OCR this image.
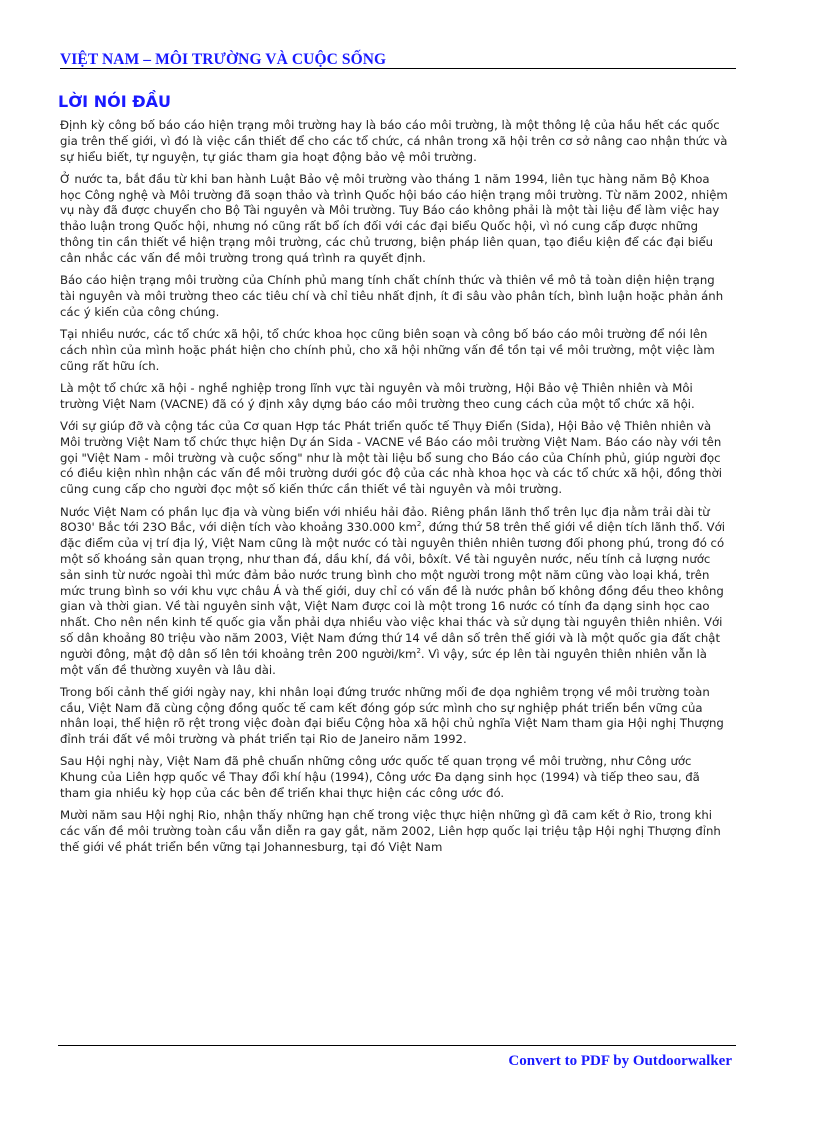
VIỆT NAM – MÔI TRƯỜNG VÀ CUỘC SỐNG
LỜI NÓI ĐẦU

Định kỳ công bố báo cáo hiện trạng môi trường hay là báo cáo môi trường, là một thông lệ của hầu hết các quốc gia trên thế giới, vì đó là việc cần thiết để cho các tổ chức, cá nhân trong xã hội trên cơ sở nâng cao nhận thức và sự hiểu biết, tự nguyện, tự giác tham gia hoạt động bảo vệ môi trường.

Ở nước ta, bắt đầu từ khi ban hành Luật Bảo vệ môi trường vào tháng 1 năm 1994, liên tục hàng năm Bộ Khoa học Công nghệ và Môi trường đã soạn thảo và trình Quốc hội báo cáo hiện trạng môi trường. Từ năm 2002, nhiệm vụ này đã được chuyển cho Bộ Tài nguyên và Môi trường. Tuy Báo cáo không phải là một tài liệu để làm việc hay thảo luận trong Quốc hội, nhưng nó cũng rất bổ ích đối với các đại biểu Quốc hội, vì nó cung cấp được những thông tin cần thiết về hiện trạng môi trường, các chủ trương, biện pháp liên quan, tạo điều kiện để các đại biểu cân nhắc các vấn đề môi trường trong quá trình ra quyết định.

Báo cáo hiện trạng môi trường của Chính phủ mang tính chất chính thức và thiên về mô tả toàn diện hiện trạng tài nguyên và môi trường theo các tiêu chí và chỉ tiêu nhất định, ít đi sâu vào phân tích, bình luận hoặc phản ánh các ý kiến của công chúng.

Tại nhiều nước, các tổ chức xã hội, tổ chức khoa học cũng biên soạn và công bố báo cáo môi trường để nói lên cách nhìn của mình hoặc phát hiện cho chính phủ, cho xã hội những vấn đề tồn tại về môi trường, một việc làm cũng rất hữu ích.

Là một tổ chức xã hội - nghề nghiệp trong lĩnh vực tài nguyên và môi trường, Hội Bảo vệ Thiên nhiên và Môi trường Việt Nam (VACNE) đã có ý định xây dựng báo cáo môi trường theo cung cách của một tổ chức xã hội.

Với sự giúp đỡ và cộng tác của Cơ quan Hợp tác Phát triển quốc tế Thụy Điển (Sida), Hội Bảo vệ Thiên nhiên và Môi trường Việt Nam tổ chức thực hiện Dự án Sida - VACNE về Báo cáo môi trường Việt Nam. Báo cáo này với tên gọi "Việt Nam - môi trường và cuộc sống" như là một tài liệu bổ sung cho Báo cáo của Chính phủ, giúp người đọc có điều kiện nhìn nhận các vấn đề môi trường dưới góc độ của các nhà khoa học và các tổ chức xã hội, đồng thời cũng cung cấp cho người đọc một số kiến thức cần thiết về tài nguyên và môi trường.

Nước Việt Nam có phần lục địa và vùng biển với nhiều hải đảo. Riêng phần lãnh thổ trên lục địa nằm trải dài từ 8O30' Bắc tới 23O Bắc, với diện tích vào khoảng 330.000 $km^2$, đứng thứ 58 trên thế giới về diện tích lãnh thổ. Với đặc điểm của vị trí địa lý, Việt Nam cũng là một nước có tài nguyên thiên nhiên tương đối phong phú, trong đó có một số khoáng sản quan trọng, như than đá, dầu khí, đá vôi, bôxít. Về tài nguyên nước, nếu tính cả lượng nước sản sinh từ nước ngoài thì mức đảm bảo nước trung bình cho một người trong một năm cũng vào loại khá, trên mức trung bình so với khu vực châu Á và thế giới, duy chỉ có vấn đề là nước phân bố không đồng đều theo không gian và thời gian. Về tài nguyên sinh vật, Việt Nam được coi là một trong 16 nước có tính đa dạng sinh học cao nhất. Cho nên nền kinh tế quốc gia vẫn phải dựa nhiều vào việc khai thác và sử dụng tài nguyên thiên nhiên. Với số dân khoảng 80 triệu vào năm 2003, Việt Nam đứng thứ 14 về dân số trên thế giới và là một quốc gia đất chật người đông, mật độ dân số lên tới khoảng trên 200 người/$km^2$. Vì vậy, sức ép lên tài nguyên thiên nhiên vẫn là một vấn đề thường xuyên và lâu dài.

Trong bối cảnh thế giới ngày nay, khi nhân loại đứng trước những mối đe dọa nghiêm trọng về môi trường toàn cầu, Việt Nam đã cùng cộng đồng quốc tế cam kết đóng góp sức mình cho sự nghiệp phát triển bền vững của nhân loại, thể hiện rõ rệt trong việc đoàn đại biểu Cộng hòa xã hội chủ nghĩa Việt Nam tham gia Hội nghị Thượng đỉnh trái đất về môi trường và phát triển tại Rio de Janeiro năm 1992.

Sau Hội nghị này, Việt Nam đã phê chuẩn những công ước quốc tế quan trọng về môi trường, như Công ước Khung của Liên hợp quốc về Thay đổi khí hậu (1994), Công ước Đa dạng sinh học (1994) và tiếp theo sau, đã tham gia nhiều kỳ họp của các bên để triển khai thực hiện các công ước đó.

Mười năm sau Hội nghị Rio, nhận thấy những hạn chế trong việc thực hiện những gì đã cam kết ở Rio, trong khi các vấn đề môi trường toàn cầu vẫn diễn ra gay gắt, năm 2002, Liên hợp quốc lại triệu tập Hội nghị Thượng đỉnh thế giới về phát triển bền vững tại Johannesburg, tại đó Việt Nam

Convert to PDF by Outdoorwalker
